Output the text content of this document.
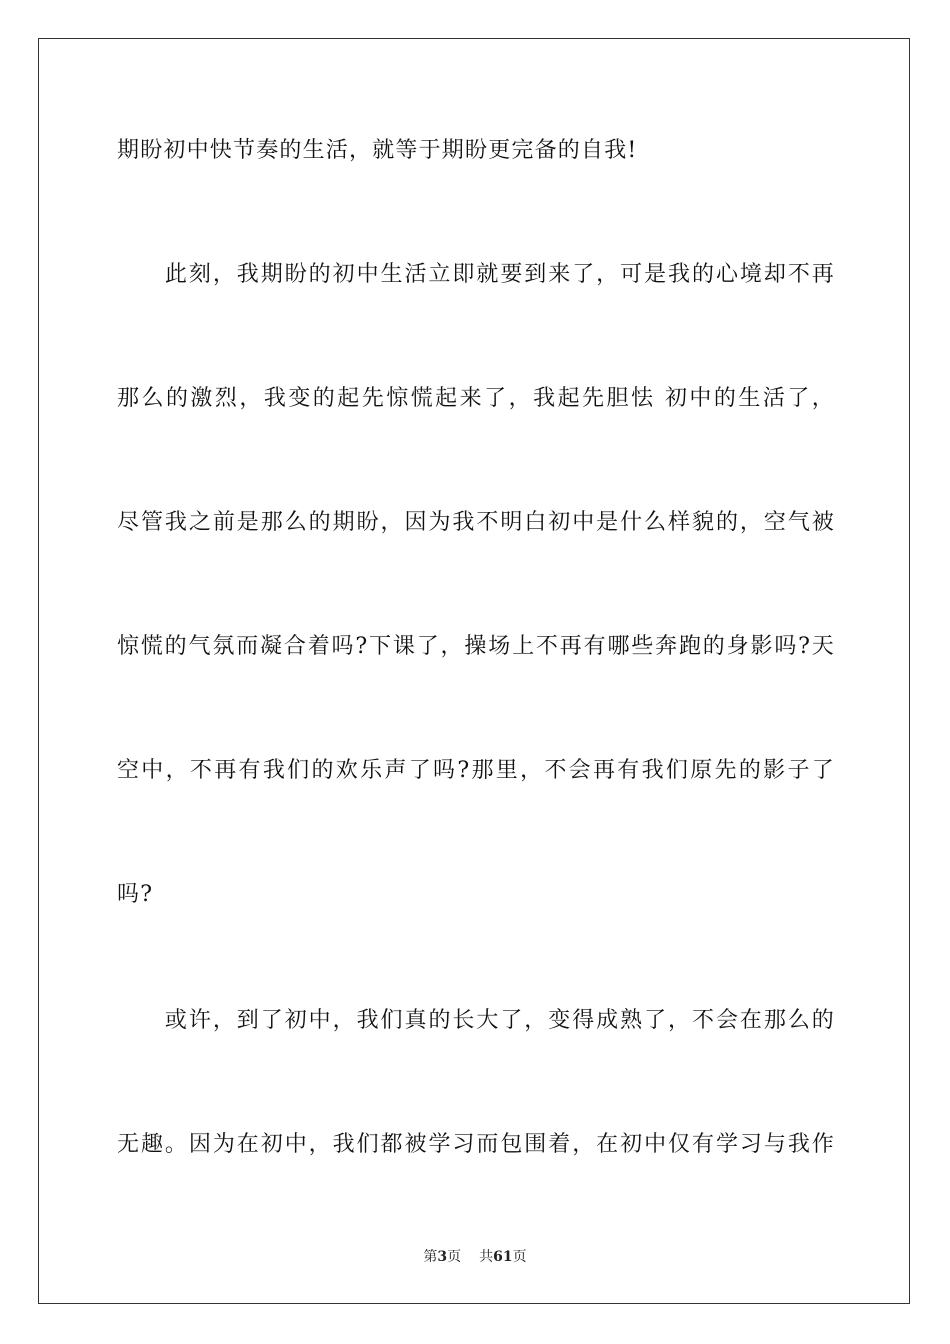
期盼初中快节奏的生活，就等于期盼更完备的自我!
　　此刻，我期盼的初中生活立即就要到来了，可是我的心境却不再
那么的激烈，我变的起先惊慌起来了，我起先胆怯 初中的生活了，
尽管我之前是那么的期盼，因为我不明白初中是什么样貌的，空气被
惊慌的气氛而凝合着吗?下课了，操场上不再有哪些奔跑的身影吗?天
空中，不再有我们的欢乐声了吗?那里，不会再有我们原先的影子了
吗?
　　或许，到了初中，我们真的长大了，变得成熟了，不会在那么的
无趣。因为在初中，我们都被学习而包围着，在初中仅有学习与我作
第3页 共61页
